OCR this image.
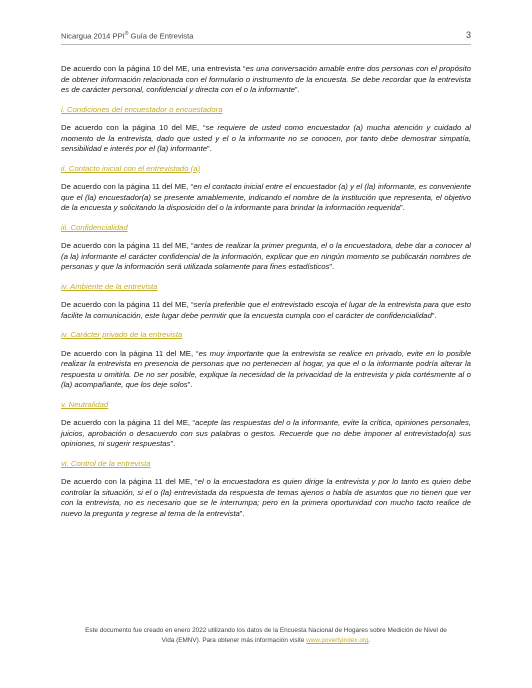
Nicargua 2014 PPI® Guía de Entrevista	3

De acuerdo con la página 10 del ME, una entrevista “es una conversación amable entre dos personas con el propósito de obtener información relacionada con el formulario o instrumento de la encuesta. Se debe recordar que la entrevista es de carácter personal, confidencial y directa con el o la informante”.

i. Condiciones del encuestador o encuestadora

De acuerdo con la página 10 del ME, “se requiere de usted como encuestador (a) mucha atención y cuidado al momento de la entrevista, dado que usted y el o la informante no se conocen, por tanto debe demostrar simpatía, sensibilidad e interés por el (la) informante”.

ii. Contacto inicial con el entrevistado (a)

De acuerdo con la página 11 del ME, “en el contacto inicial entre el encuestador (a) y el (la) informante, es conveniente que el (la) encuestador(a) se presente amablemente, indicando el nombre de la institución que representa, el objetivo de la encuesta y solicitando la disposición del o la informante para brindar la información requerida”.

iii. Confidencialidad

De acuerdo con la página 11 del ME, “antes de realizar la primer pregunta, el o la encuestadora, debe dar a conocer al (a la) informante el carácter confidencial de la información, explicar que en ningún momento se publicarán nombres de personas y que la información será utilizada solamente para fines estadísticos”.

iv. Ambiente de la entrevista

De acuerdo con la página 11 del ME, “sería preferible que el entrevistado escoja el lugar de la entrevista para que esto facilite la comunicación, este lugar debe permitir que la encuesta cumpla con el carácter de confidencialidad”.

iv. Carácter privado de la entrevista

De acuerdo con la página 11 del ME, “es muy importante que la entrevista se realice en privado, evite en lo posible realizar la entrevista en presencia de personas que no pertenecen al hogar, ya que el o la informante podría alterar la respuesta u omitirla. De no ser posible, explique la necesidad de la privacidad de la entrevista y pida cortésmente al o (la) acompañante, que los deje solos”.

v. Neutralidad

De acuerdo con la página 11 del ME, “acepte las respuestas del o la informante, evite la crítica, opiniones personales, juicios, aprobación o desacuerdo con sus palabras o gestos. Recuerde que no debe imponer al entrevistado(a) sus opiniones, ni sugerir respuestas”.

vi. Control de la entrevista

De acuerdo con la página 11 del ME, “el o la encuestadora es quien dirige la entrevista y por lo tanto es quien debe controlar la situación, si el o (la) entrevistada da respuesta de temas ajenos o habla de asuntos que no tienen que ver con la entrevista, no es necesario que se le interrumpa; pero en la primera oportunidad con mucho tacto realice de nuevo la pregunta y regrese al tema de la entrevista”.

Este documento fue creado en enero 2022 utilizando los datos de la Encuesta Nacional de Hogares sobre Medición de Nivel de
Vida (EMNV). Para obtener más información visite www.povertyindex.org.
